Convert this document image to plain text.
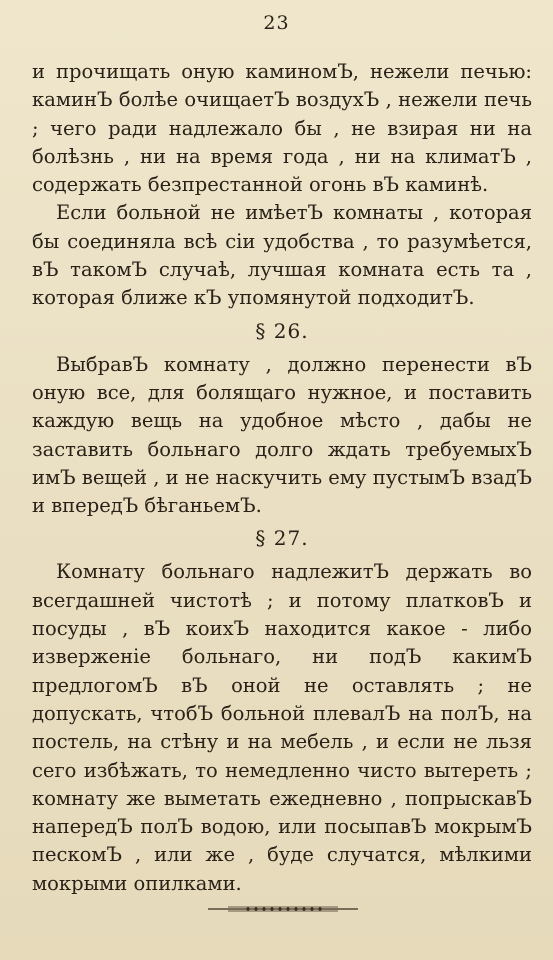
23

и прочищать оную каминомЪ, нежели печью: каминЪ болѣе очищаетЪ воздухЪ , нежели печь ; чего ради надлежало бы , не взирая ни на болѣзнь , ни на время года , ни на климатЪ , содержать безпрестанной огонь вЪ каминѣ.

Если больной не имѣетЪ комнаты , которая бы соединяла всѣ сіи удобства , то разумѣется, вЪ такомЪ случаѣ, лучшая комната есть та , которая ближе кЪ упомянутой подходитЪ.

§ 26.

ВыбравЪ комнату , должно перенести вЪ оную все, для болящаго нужное, и поставить каждую вещь на удобное мѣсто , дабы не заставить больнаго долго ждать требуемыхЪ имЪ вещей , и не наскучить ему пустымЪ взадЪ и впередЪ бѣганьемЪ.

§ 27.

Комнату больнаго надлежитЪ держать во всегдашней чистотѣ ; и потому платковЪ и посуды , вЪ коихЪ находится какое - либо изверженіе больнаго, ни подЪ какимЪ предлогомЪ вЪ оной не оставлять ; не допускать, чтобЪ больной плевалЪ на полЪ, на постель, на стѣну и на мебель , и если не льзя сего избѣжать, то немедленно чисто вытереть ; комнату же выметать ежедневно , попрыскавЪ напередЪ полЪ водою, или посыпавЪ мокрымЪ пескомЪ , или же , буде случатся, мѣлкими мокрыми опилками.
